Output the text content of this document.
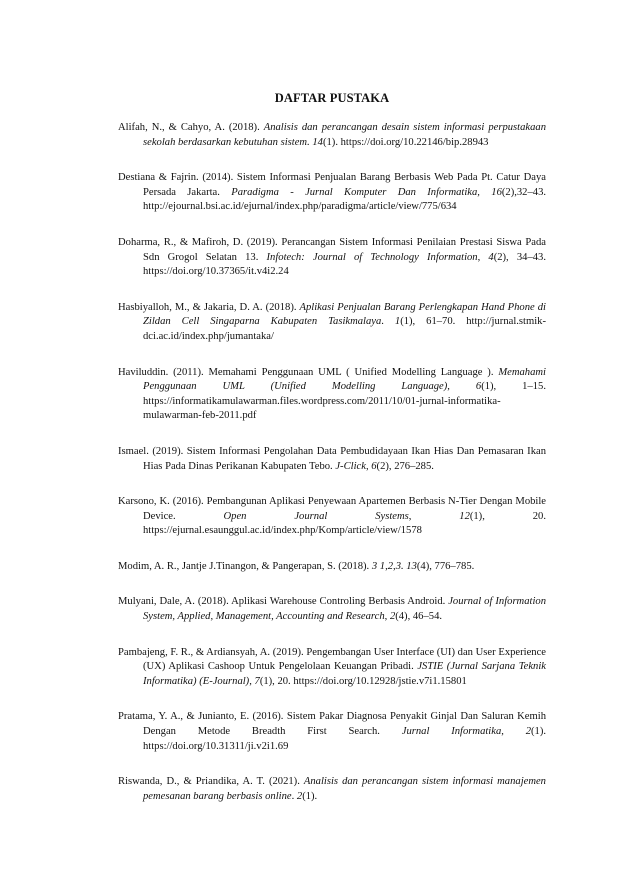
DAFTAR PUSTAKA

Alifah, N., & Cahyo, A. (2018). Analisis dan perancangan desain sistem informasi perpustakaan sekolah berdasarkan kebutuhan sistem. 14(1). https://doi.org/10.22146/bip.28943

Destiana & Fajrin. (2014). Sistem Informasi Penjualan Barang Berbasis Web Pada Pt. Catur Daya Persada Jakarta. Paradigma - Jurnal Komputer Dan Informatika, 16(2),32–43. http://ejournal.bsi.ac.id/ejurnal/index.php/paradigma/article/view/775/634

Doharma, R., & Mafiroh, D. (2019). Perancangan Sistem Informasi Penilaian Prestasi Siswa Pada Sdn Grogol Selatan 13. Infotech: Journal of Technology Information, 4(2), 34–43. https://doi.org/10.37365/it.v4i2.24

Hasbiyalloh, M., & Jakaria, D. A. (2018). Aplikasi Penjualan Barang Perlengkapan Hand Phone di Zildan Cell Singaparna Kabupaten Tasikmalaya. 1(1), 61–70. http://jurnal.stmik-dci.ac.id/index.php/jumantaka/

Haviluddin. (2011). Memahami Penggunaan UML ( Unified Modelling Language ). Memahami Penggunaan UML (Unified Modelling Language), 6(1), 1–15. https://informatikamulawarman.files.wordpress.com/2011/10/01-jurnal-informatika-mulawarman-feb-2011.pdf

Ismael. (2019). Sistem Informasi Pengolahan Data Pembudidayaan Ikan Hias Dan Pemasaran Ikan Hias Pada Dinas Perikanan Kabupaten Tebo. J-Click, 6(2), 276–285.

Karsono, K. (2016). Pembangunan Aplikasi Penyewaan Apartemen Berbasis N-Tier Dengan Mobile Device. Open Journal Systems, 12(1), 20. https://ejurnal.esaunggul.ac.id/index.php/Komp/article/view/1578

Modim, A. R., Jantje J.Tinangon, & Pangerapan, S. (2018). 3 1,2,3. 13(4), 776–785.

Mulyani, Dale, A. (2018). Aplikasi Warehouse Controling Berbasis Android. Journal of Information System, Applied, Management, Accounting and Research, 2(4), 46–54.

Pambajeng, F. R., & Ardiansyah, A. (2019). Pengembangan User Interface (UI) dan User Experience (UX) Aplikasi Cashoop Untuk Pengelolaan Keuangan Pribadi. JSTIE (Jurnal Sarjana Teknik Informatika) (E-Journal), 7(1), 20. https://doi.org/10.12928/jstie.v7i1.15801

Pratama, Y. A., & Junianto, E. (2016). Sistem Pakar Diagnosa Penyakit Ginjal Dan Saluran Kemih Dengan Metode Breadth First Search. Jurnal Informatika, 2(1). https://doi.org/10.31311/ji.v2i1.69

Riswanda, D., & Priandika, A. T. (2021). Analisis dan perancangan sistem informasi manajemen pemesanan barang berbasis online. 2(1).
